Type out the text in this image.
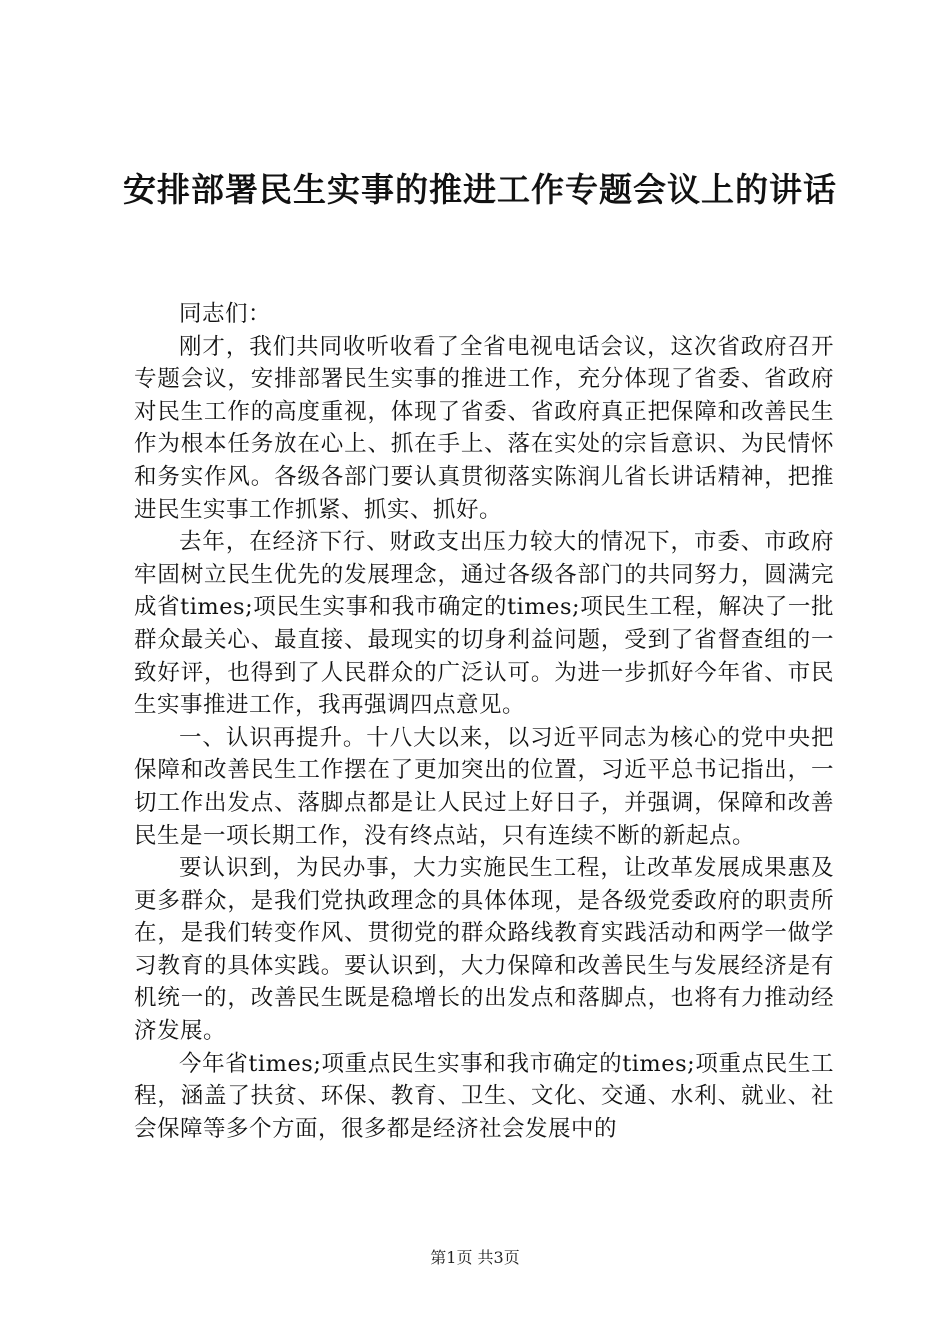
安排部署民生实事的推进工作专题会议上的讲话

同志们：

刚才，我们共同收听收看了全省电视电话会议，这次省政府召开专题会议，安排部署民生实事的推进工作，充分体现了省委、省政府对民生工作的高度重视，体现了省委、省政府真正把保障和改善民生作为根本任务放在心上、抓在手上、落在实处的宗旨意识、为民情怀和务实作风。各级各部门要认真贯彻落实陈润儿省长讲话精神，把推进民生实事工作抓紧、抓实、抓好。

去年，在经济下行、财政支出压力较大的情况下，市委、市政府牢固树立民生优先的发展理念，通过各级各部门的共同努力，圆满完成省times;项民生实事和我市确定的times;项民生工程，解决了一批群众最关心、最直接、最现实的切身利益问题，受到了省督查组的一致好评，也得到了人民群众的广泛认可。为进一步抓好今年省、市民生实事推进工作，我再强调四点意见。

一、认识再提升。十八大以来，以习近平同志为核心的党中央把保障和改善民生工作摆在了更加突出的位置，习近平总书记指出，一切工作出发点、落脚点都是让人民过上好日子，并强调，保障和改善民生是一项长期工作，没有终点站，只有连续不断的新起点。

要认识到，为民办事，大力实施民生工程，让改革发展成果惠及更多群众，是我们党执政理念的具体体现，是各级党委政府的职责所在，是我们转变作风、贯彻党的群众路线教育实践活动和两学一做学习教育的具体实践。要认识到，大力保障和改善民生与发展经济是有机统一的，改善民生既是稳增长的出发点和落脚点，也将有力推动经济发展。

今年省times;项重点民生实事和我市确定的times;项重点民生工程，涵盖了扶贫、环保、教育、卫生、文化、交通、水利、就业、社会保障等多个方面，很多都是经济社会发展中的

第1页 共3页
